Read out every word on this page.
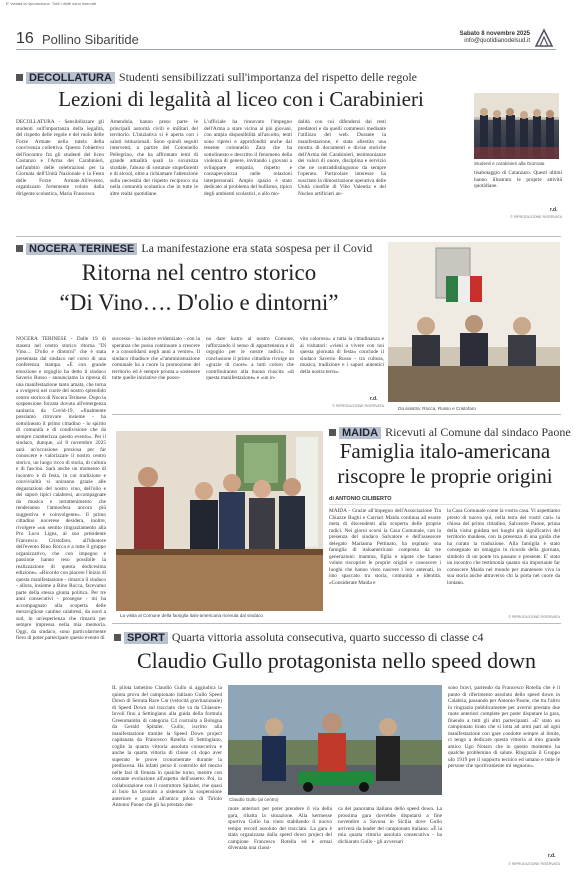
E' vietata la riproduzione. Tutti i diritti sono riservati
16 Pollino Sibaritide	Sabato 8 novembre 2025
info@quotidianodelsud.it
DECOLLATURA Studenti sensibilizzati sull'importanza del rispetto delle regole
Lezioni di legalità al liceo con i Carabinieri
DECOLLATURA - Sensibilizzare gli studenti sull'importanza della legalità, del rispetto delle regole e del ruolo delle Forze Armate nella tutela della convivenza collettiva. Questo l'obiettivo dell'incontro fra gli studenti del liceo Costanzo e l'Arma dei Carabinieri, nell'ambito delle celebrazioni per la Giornata dell'Unità Nazionale e la Festa delle Forze Armate.All'evento, organizzato fortemente voluto dalla dirigente scolastica, Maria Francesca
Amendola, hanno preso parte le principali autorità civili e militari del territorio. L'iniziativa si è aperta con i saluti istituzionali. Sono quindi seguiti interventi, a partire del Colonnello Pellegrino, che ha affrontato temi di grande attualità quali la sicurezza stradale, l'abuso di sostanze stupefacenti e di alcool, oltre a richiamare l'attenzione sulla necessità del rispetto reciproco sia nella comunità scolastica che in tutte le altre realtà quotidiane.
L'ufficiale ha rinnovato l'impegno dell'Arma a stare vicina ai più giovani, con ampia disponibilità all'ascolto, tenti sono ripresi e approfonditi anche dal tenente colonnello Zara che ha sottolineato e descritto il fenomeno della violenza di genere, invitando i giovani a sviluppare empatia, rispetto e consapevolezza nelle relazioni interpersonali. Ampio spazio è stato dedicato al problema del bullismo, tipico degli ambienti scolastici, e allo mo-
dalità con cui difendersi dai resti predatori e da quelli commessi mediante l'utilizzo del web. Durante la manifestazione, è stata allestita una mostra di documenti e divise storiche dell'Arma dei Carabinieri, testimonianze dei valori di onore, disciplina e servizio che ne contraddistinguono da sempre l'operato. Particolare interesse ha suscitato la dimostrazione operativa delle Unità cinofile di Vibo Valentia e del Nucleo artificieri an-
Studenti e carabinieri alla Giornata
tisabotaggio di Catanzaro. Questi ultimi hanno illustrato le proprie attività quotidiane.
r.d.
© RIPRODUZIONE RISERVATA
NOCERA TERINESE La manifestazione era stata sospesa per il Covid
Ritorna nel centro storico
“Di Vino…. D'olio e dintorni”
NOCERA TERINESE - Dalle 19 di stasera nel centro storico ritorna "Di Vino.... D'olio e dintorni" che è stata presentata dal sindaco nel corso di una conferenza stampa. «È con grande emozione e orgoglio ha detto il sindaco Saverio Russo - annunciamo la ripresa di una manifestazione tanto amata, che torna a svolgersi nel cuore del nostro splendido centro storico di Nocera Terinese. Dopo la sospensione forzata dovuta all'emergenza sanitaria da Covid-19, «finalmente possiamo ritrovare insieme - ha sottolineato il primo cittadino - lo spirito di comunità e di condivisione che da sempre caratterizza questo evento». Per il sindaco, dunque, «il 8 novembre 2025 sarà un'occasione preziosa per far conoscere e valorizzare il nostro centro storico, un luogo ricco di storia, di cultura e di fascino. Sarà anche un momento di incontro e di festa, in cui tradizione e convivialità si uniranno grazie alle degustazioni del nostro vino, dell'olio e dei sapori tipici calabresi, accompagnate da musica e intrattenimento che renderanno l'atmosfera ancora più suggestiva e coinvolgente». Il primo cittadino nocerese desidera, inoltre, rivolgere «un sentito ringraziamento alla Pro Loco Ligea, al suo presidente Francesco Cristofaro, all'ideatore dell'evento Rino Rocca e a tutte il gruppo organizzativo, che con impegno e passione hanno reso possibile la realizzazione di questa dodicesima edizione». «Ricordo con piacere l'inizio di questa manifestazione - rimarca il sindaco - allora, insieme a Rino Rocca, facevamo parte della stessa giunta politica. Per tre anni consecutivi - prosegue - mi ha accompagnato alla scoperta delle meravigliose cantine calabresi, da nord a sud, in un'esperienza che rimarrà per sempre impressa nella mia memoria. Oggi, da sindaco, sono particolarmente fiero di poter partecipare questo evento di
successo - ha inoltre evidenziato - con la speranza che possa continuare a crescere e a consolidarsi negli anni a venire». Il sindaco ribadisce che «l'amministrazione comunale ha a cuore la promozione del territorio ed è sempre pronta a sostenere tutte quelle iniziative che posso-
no dare lustro al nostro Comune, rafforzando il senso di appartenenza e di orgoglio per le nostre radici». In conclusione il primo cittadino rivolge un «grazie di cuore» a tutti coloro che contribuiranno alla buona riuscita «di questa manifestazione» e «un in-
vito caloroso» a tutta la cittadinanza e ai visitatori: «vieni a vivere con noi questa giornata di festa» conclude il sindaco Saverio Russo - tra cultura, musica, tradizione e i sapori autentici della nostra terra».
r.d.
© RIPRODUZIONE RISERVATA	Da sinistra: Rocca, Russo e Cristofaro
La visita al Comune della famiglia italo-americana ricevuta dal sindaco
MAIDA Ricevuti al Comune dal sindaco Paone
Famiglia italo-americana
riscopre le proprie origini
di ANTONIO CILIBERTO
MAIDA - Grazie all'impegno dell'Associazione Tra Chiazze Rughi e Carriari Maida continua ad essere meta di discendenti alla scoperta delle proprie radici. Nei giorni scorsi la Casa Comunale, con la presenza del sindaco Salvatore e dell'assessore delegato Marianna Pettinato, ha ospitato una famiglia di italoamericani composta da tre generazioni: mamma, figlia e nipote che hanno voluto riscoprire le proprie origini e conoscere i luoghi che hanno visto nascere i loro antenati, in uno spaccato tra storia, comunità e identità. «Considerate Maida e
la Casa Comunale come la vostra casa. Vi aspettiamo presto di nuovo qui, nella terra dei vostri cari» la chiosa del primo cittadino, Salvatore Paone, prima della visita guidata nei luoghi più significativi del territorio maidese, con la presenza di una guida che ha curato la traduzione. Alla famiglia è stato consegnato un omaggio in ricordo della giornata, simbolo di un ponte tra passato e presente. E' stato un incontro che testimonia quanto sia importante far conoscere Maida nel mondo per mantenere viva la sua storia anche attraverso chi la porta nel cuore da lontano.
© RIPRODUZIONE RISERVATA
SPORT Quarta vittoria assoluta consecutiva, quarto successo di classe c4
Claudio Gullo protagonista nello speed down
IL pilota lametino Claudio Gullo si aggiudica la quinta prova del campionato italiano Gullo Speed Down di Serrata Race Car (velocità gravitazionale) di Speed Down sul tracciato che va da Chiasore-Iuvoli fino a Settingiano alla guida della formula Greenmamba di categoria C4 costruita a Bologna da Gerald Spitaler. Gullo, iscritto alla manifestazione tramite la Speed Down project capitanata da Francesco Rotella di Settingiano, coglie la quarta vittoria assoluta consecutiva e anche la quarta vittoria di classe c4 dopo aver superato le prove cronometrate durante la prediscesa. Ha infatti perso il controllo del mezzo nelle fasi di frenata in qualche turno, mentre con costante evoluzione all'aspetto dell'assetto. Poi, in collaborazione con il costruttore Spitaler, che quasi al buio ha lavorato a sistemare la sospensione anteriore e grazie all'amico pilota di Tiriolo Antonio Paone che gli ha prestato due
Claudio Gullo (al centro)
ruote anteriori per poter prendere il via della gara, ribalta la situazione. Alla kermesse sportiva Gullo ha vinto stabilendo il nuovo tempo record assoluto del tracciato. La gara è stata organizzata dalla speed down project del campione Francesco Rotella ed è ormai diventata una classi-
ca del panorama italiano dello speed down. La prossima gara dovrebbe disputarsi a fine novembre a Savona in Sicilia dove Gullo arriverà da leader del campionato italiano. «È la mia quarta vittoria assoluta consecutiva - ha dichiarato Gullo - gli avversari
sono bravi, partendo da Francesco Rotella che è il punto di riferimento assoluto dello speed down in Calabria, passando per Antonio Paone, che tra l'altro lo ringrazio pubblicamente per avermi prestato due ruote anteriori complete per poter disputare la gara, finendo a tutti gli altri partecipanti. «E' stato un campionato tirato che si lotta ad armi pari ad ogni manifestazione con gare condotte sempre al limite, ci tengo a dedicare questa vittoria al mio grande amico Ugo Notaro che in questo momento ha qualche problemino di salute. Ringrazio il Gruppo ufo 1919 per il supporto tecnico ed umano e tutte le persone che sportivamente mi seguono».
r.d.
© RIPRODUZIONE RISERVATA
